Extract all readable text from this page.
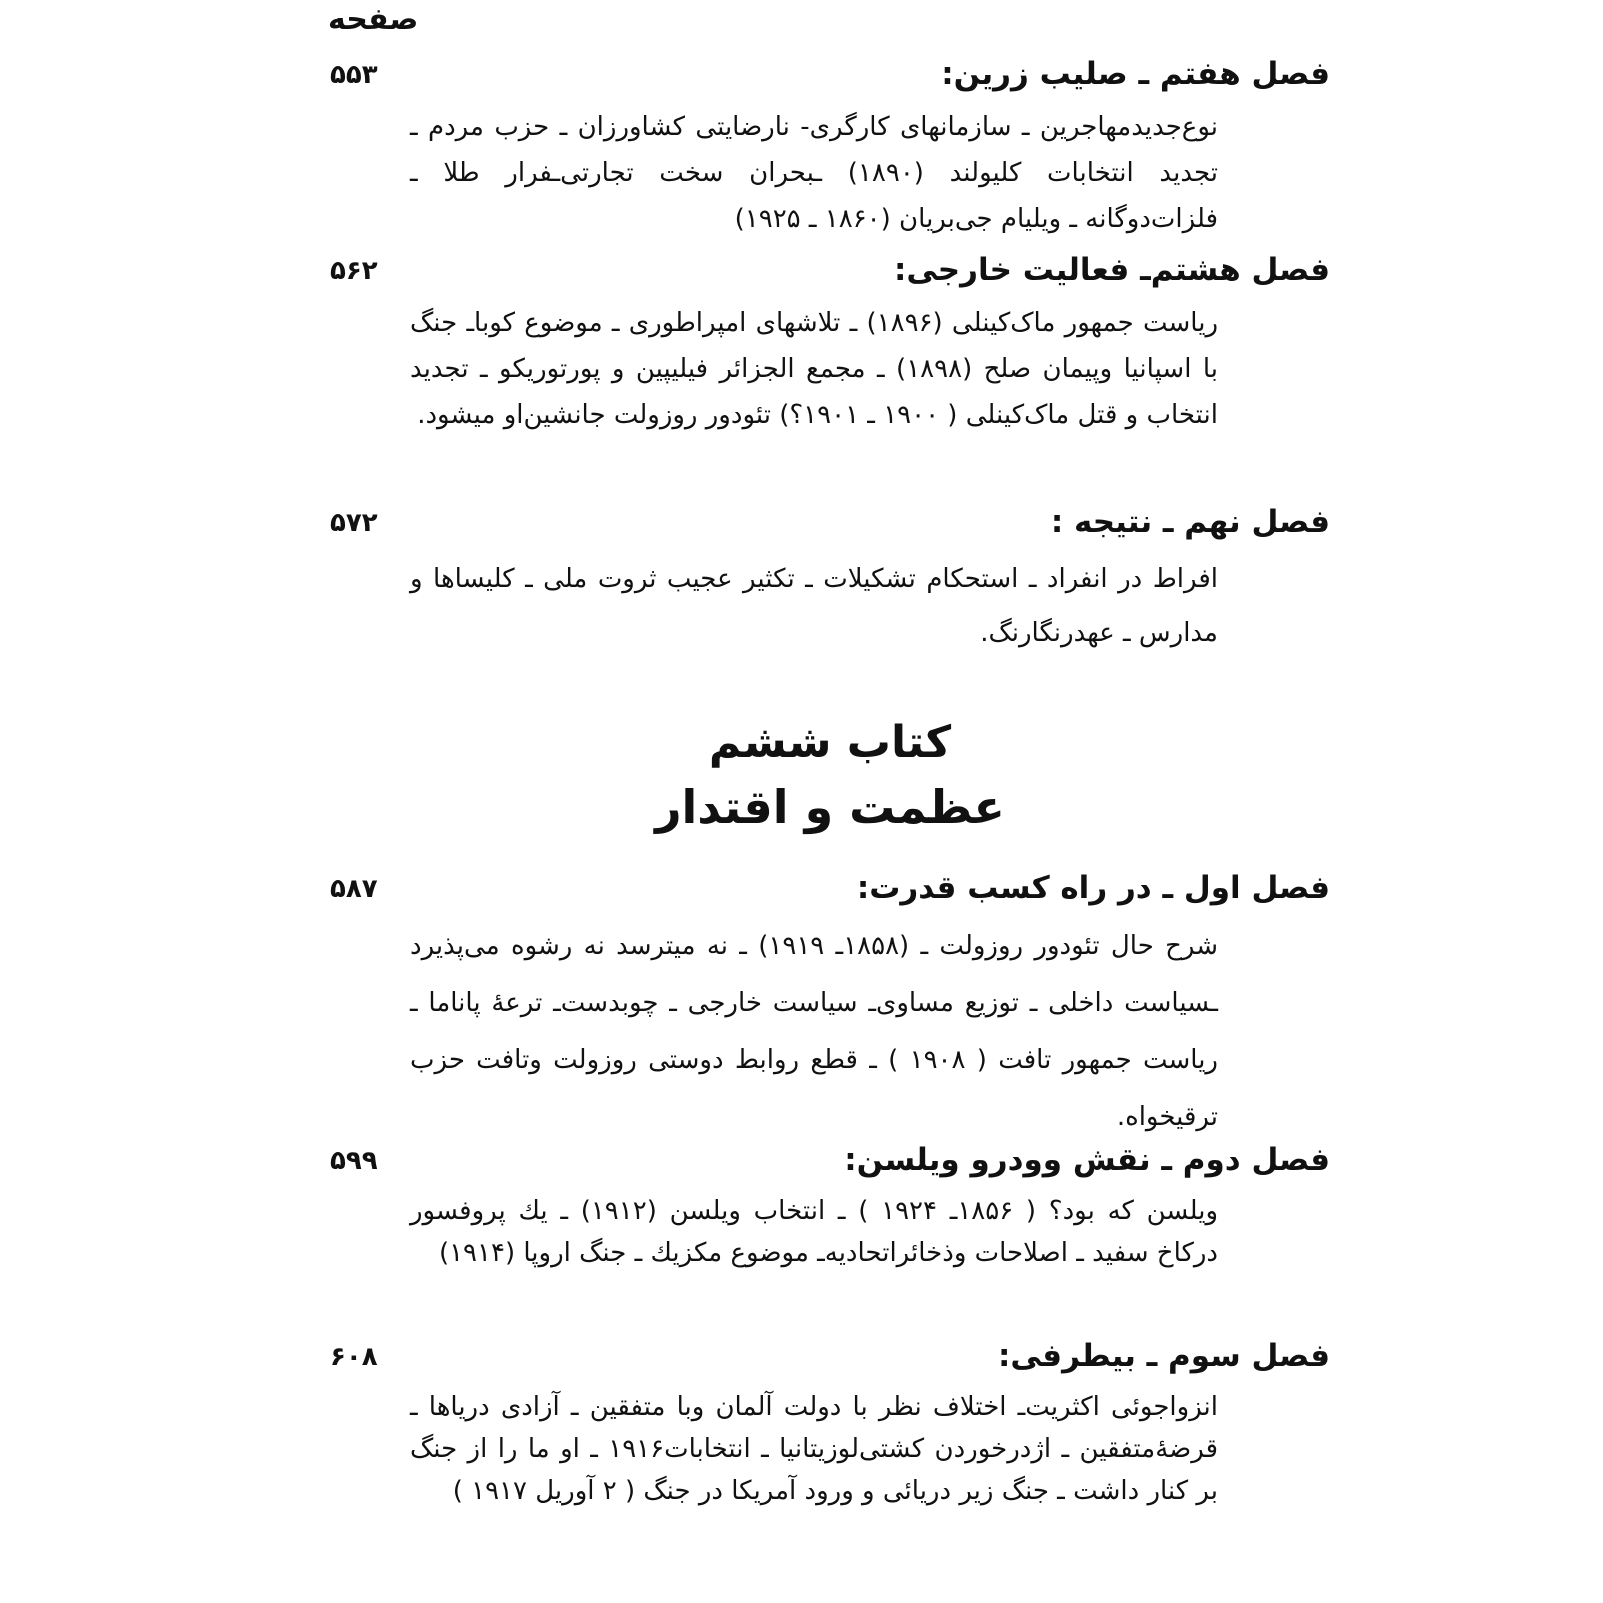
صفحه
فصل هفتم ـ صلیب زرین:
۵۵۳
نوع‌جدید‌مهاجرین ـ سازمانهای کارگری- نارضایتی کشاورزان ـ حزب مردم ـ تجدید انتخابات کلیولند (۱۸۹۰) ـبحران سخت تجارتی‌ـفرار طلا ـ فلزات‌دوگانه ـ ویلیام جی‌بریان (۱۸۶۰ ـ ۱۹۲۵)
فصل هشتم‌ـ فعالیت خارجی:
۵۶۲
ریاست جمهور ماک‌کینلی (۱۸۹۶) ـ تلاشهای امپراطوری ـ موضوع کوباـ جنگ با اسپانیا وپیمان صلح (۱۸۹۸) ـ مجمع الجزائر فیلیپین و پورتوریکو ـ تجدید انتخاب و قتل ماک‌کینلی ( ۱۹۰۰ ـ ۱۹۰۱؟) تئودور روزولت جانشین‌او میشود.
فصل نهم ـ نتیجه :
۵۷۲
افراط در انفراد ـ استحکام تشکیلات ـ تکثیر عجیب ثروت ملی ـ کلیساها و مدارس ـ عهدرنگارنگ.
کتاب ششم
عظمت و اقتدار
فصل اول ـ در راه کسب قدرت:
۵۸۷
شرح حال تئودور روزولت ـ (۱۸۵۸ـ ۱۹۱۹) ـ نه میترسد نه رشوه می‌پذیرد ـسیاست داخلی ـ توزیع مساوی‌ـ سیاست خارجی ـ چوبدست‌ـ ترعهٔ پاناما ـ ریاست جمهور تافت ( ۱۹۰۸ ) ـ قطع روابط دوستی روزولت وتافت حزب ترقیخواه.
فصل دوم ـ نقش وودرو ویلسن:
۵۹۹
ویلسن که بود؟ ( ۱۸۵۶ـ ۱۹۲۴ ) ـ انتخاب ویلسن (۱۹۱۲) ـ یك پروفسور درکاخ سفید ـ اصلاحات وذخائراتحادیه‌ـ موضوع مکزیك ـ جنگ اروپا (۱۹۱۴)
فصل سوم ـ بیطرفی:
۶۰۸
انزواجوئی اکثریت‌ـ اختلاف نظر با دولت آلمان وبا متفقین ـ آزادی دریاها ـ قرضهٔ‌متفقین ـ اژدرخوردن کشتی‌لوزیتانیا ـ انتخابات۱۹۱۶ ـ او ما را از جنگ بر کنار داشت ـ جنگ زیر دریائی و ورود آمریکا در جنگ ( ۲ آوریل ۱۹۱۷ )
